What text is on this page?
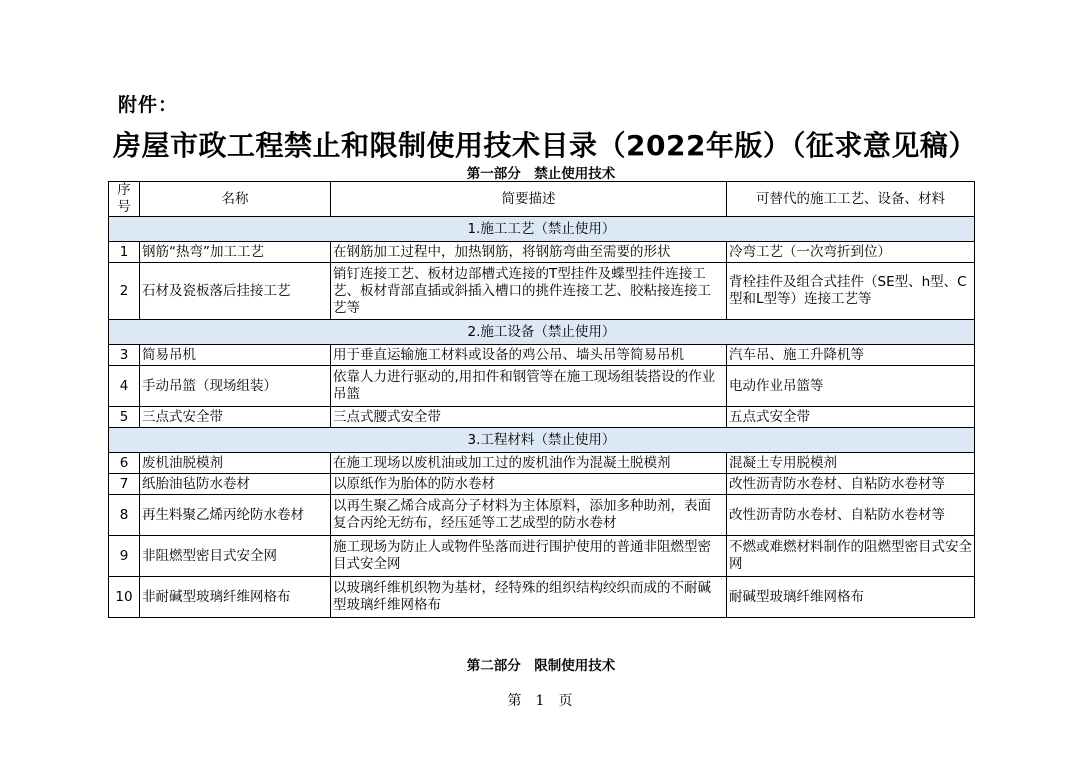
附件：
房屋市政工程禁止和限制使用技术目录（2022年版）（征求意见稿）
第一部分　禁止使用技术
序号	名称	简要描述	可替代的施工工艺、设备、材料
1.施工工艺（禁止使用）			
1	钢筋“热弯”加工工艺	在钢筋加工过程中，加热钢筋，将钢筋弯曲至需要的形状	冷弯工艺（一次弯折到位）
2	石材及瓷板落后挂接工艺	销钉连接工艺、板材边部槽式连接的T型挂件及蝶型挂件连接工艺、板材背部直插或斜插入槽口的挑件连接工艺、胶粘接连接工艺等	背栓挂件及组合式挂件（SE型、h型、C型和L型等）连接工艺等
2.施工设备（禁止使用）			
3	简易吊机	用于垂直运输施工材料或设备的鸡公吊、墙头吊等简易吊机	汽车吊、施工升降机等
4	手动吊篮（现场组装）	依靠人力进行驱动的,用扣件和钢管等在施工现场组装搭设的作业吊篮	电动作业吊篮等
5	三点式安全带	三点式腰式安全带	五点式安全带
3.工程材料（禁止使用）			
6	废机油脱模剂	在施工现场以废机油或加工过的废机油作为混凝土脱模剂	混凝土专用脱模剂
7	纸胎油毡防水卷材	以原纸作为胎体的防水卷材	改性沥青防水卷材、自粘防水卷材等
8	再生料聚乙烯丙纶防水卷材	以再生聚乙烯合成高分子材料为主体原料，添加多种助剂，表面复合丙纶无纺布，经压延等工艺成型的防水卷材	改性沥青防水卷材、自粘防水卷材等
9	非阻燃型密目式安全网	施工现场为防止人或物件坠落而进行围护使用的普通非阻燃型密目式安全网	不燃或难燃材料制作的阻燃型密目式安全网
10	非耐碱型玻璃纤维网格布	以玻璃纤维机织物为基材，经特殊的组织结构绞织而成的不耐碱型玻璃纤维网格布	耐碱型玻璃纤维网格布
第二部分　限制使用技术
第　1　页
